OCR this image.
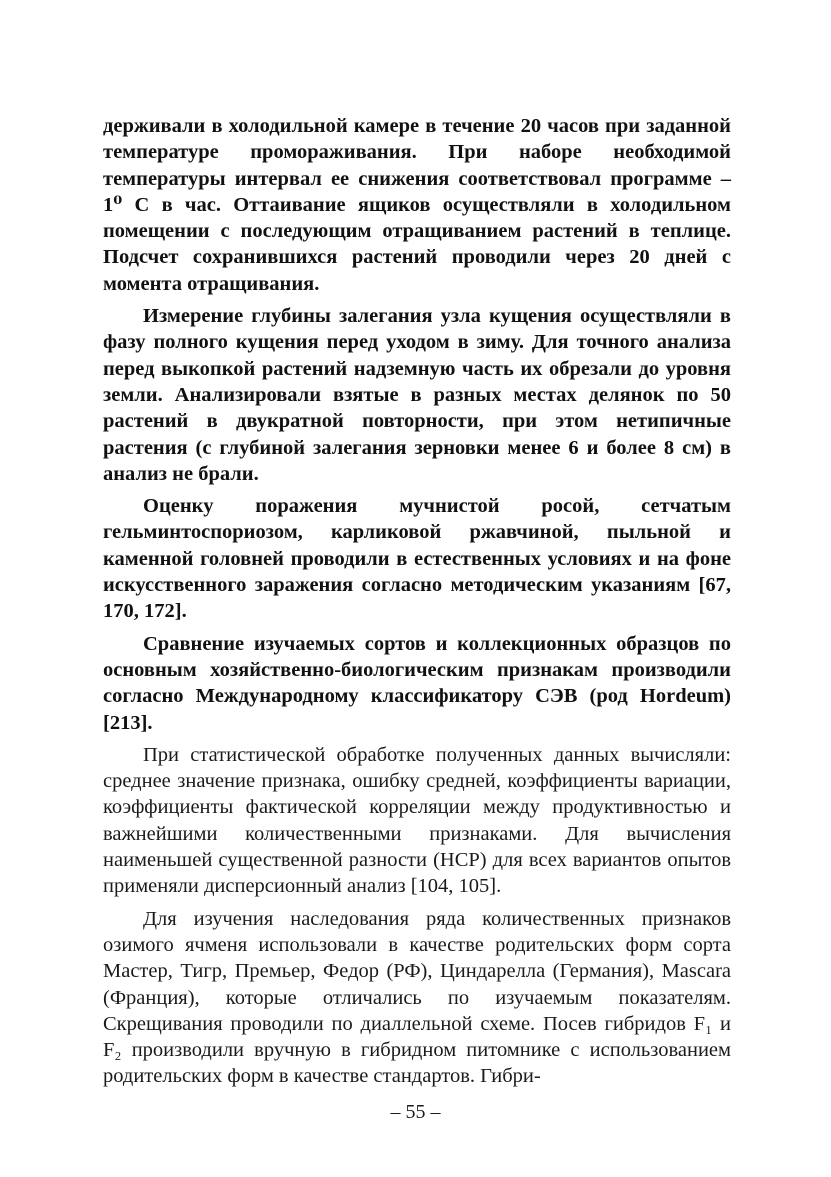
держивали в холодильной камере в течение 20 часов при заданной температуре промораживания. При наборе необходимой температуры интервал ее снижения соответствовал программе – 1⁰ С в час. Оттаивание ящиков осуществляли в холодильном помещении с последующим отращиванием растений в теплице. Подсчет сохранившихся растений проводили через 20 дней с момента отращивания.

Измерение глубины залегания узла кущения осуществляли в фазу полного кущения перед уходом в зиму. Для точного анализа перед выкопкой растений надземную часть их обрезали до уровня земли. Анализировали взятые в разных местах делянок по 50 растений в двукратной повторности, при этом нетипичные растения (с глубиной залегания зерновки менее 6 и более 8 см) в анализ не брали.

Оценку поражения мучнистой росой, сетчатым гельминтоспориозом, карликовой ржавчиной, пыльной и каменной головней проводили в естественных условиях и на фоне искусственного заражения согласно методическим указаниям [67, 170, 172].

Сравнение изучаемых сортов и коллекционных образцов по основным хозяйственно-биологическим признакам производили согласно Международному классификатору СЭВ (род Hordeum) [213].

При статистической обработке полученных данных вычисляли: среднее значение признака, ошибку средней, коэффициенты вариации, коэффициенты фактической корреляции между продуктивностью и важнейшими количественными признаками. Для вычисления наименьшей существенной разности (НСР) для всех вариантов опытов применяли дисперсионный анализ [104, 105].

Для изучения наследования ряда количественных признаков озимого ячменя использовали в качестве родительских форм сорта Мастер, Тигр, Премьер, Федор (РФ), Циндарелла (Германия), Mascara (Франция), которые отличались по изучаемым показателям. Скрещивания проводили по диаллельной схеме. Посев гибридов F₁ и F₂ производили вручную в гибридном питомнике с использованием родительских форм в качестве стандартов. Гибри-

– 55 –
